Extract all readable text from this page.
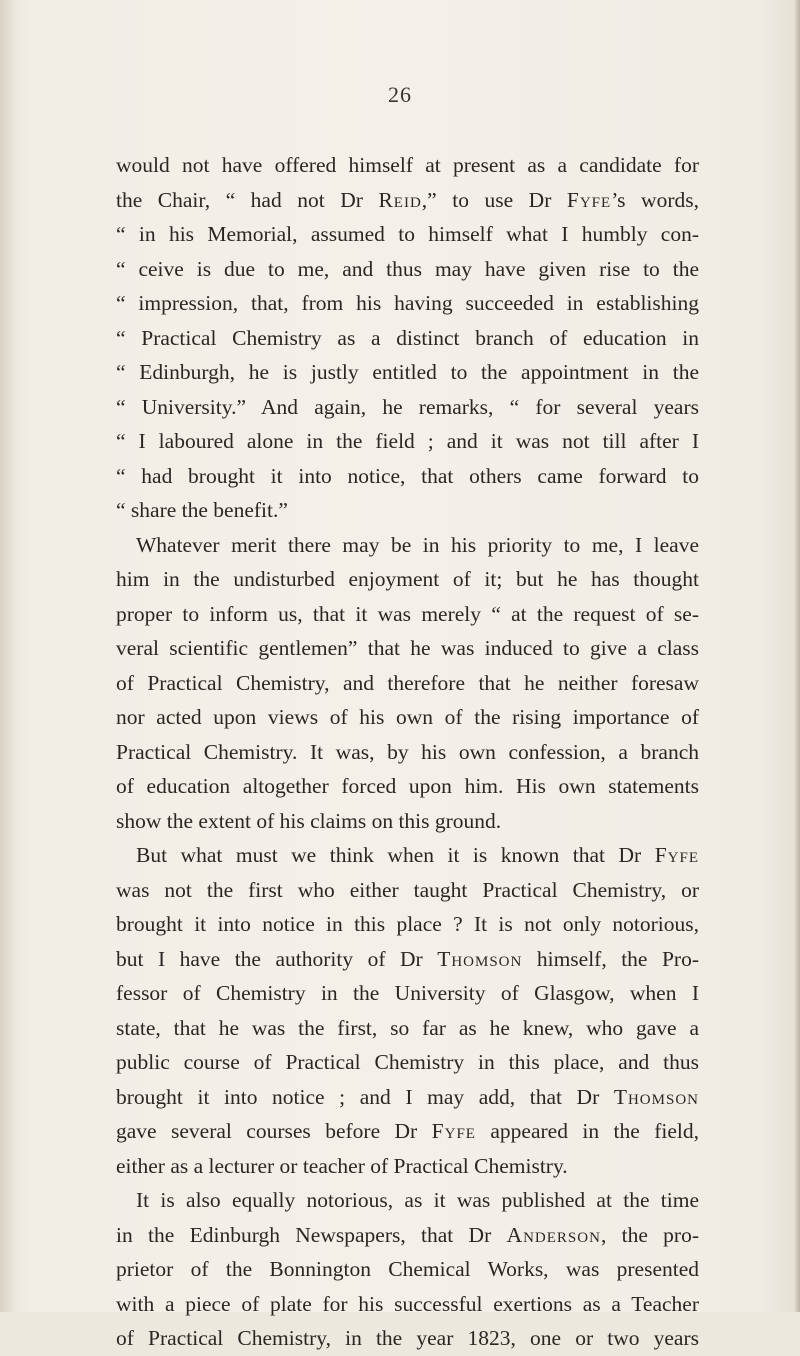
26
would not have offered himself at present as a candidate for
the Chair, “ had not Dr Reid,” to use Dr Fyfe’s words,
“ in his Memorial, assumed to himself what I humbly con-
“ ceive is due to me, and thus may have given rise to the
“ impression, that, from his having succeeded in establishing
“ Practical Chemistry as a distinct branch of education in
“ Edinburgh, he is justly entitled to the appointment in the
“ University.” And again, he remarks, “ for several years
“ I laboured alone in the field ; and it was not till after I
“ had brought it into notice, that others came forward to
“ share the benefit.”
Whatever merit there may be in his priority to me, I leave
him in the undisturbed enjoyment of it; but he has thought
proper to inform us, that it was merely “ at the request of se-
veral scientific gentlemen” that he was induced to give a class
of Practical Chemistry, and therefore that he neither foresaw
nor acted upon views of his own of the rising importance of
Practical Chemistry. It was, by his own confession, a branch
of education altogether forced upon him. His own statements
show the extent of his claims on this ground.
But what must we think when it is known that Dr Fyfe
was not the first who either taught Practical Chemistry, or
brought it into notice in this place ? It is not only notorious,
but I have the authority of Dr Thomson himself, the Pro-
fessor of Chemistry in the University of Glasgow, when I
state, that he was the first, so far as he knew, who gave a
public course of Practical Chemistry in this place, and thus
brought it into notice ; and I may add, that Dr Thomson
gave several courses before Dr Fyfe appeared in the field,
either as a lecturer or teacher of Practical Chemistry.
It is also equally notorious, as it was published at the time
in the Edinburgh Newspapers, that Dr Anderson, the pro-
prietor of the Bonnington Chemical Works, was presented
with a piece of plate for his successful exertions as a Teacher
of Practical Chemistry, in the year 1823, one or two years
